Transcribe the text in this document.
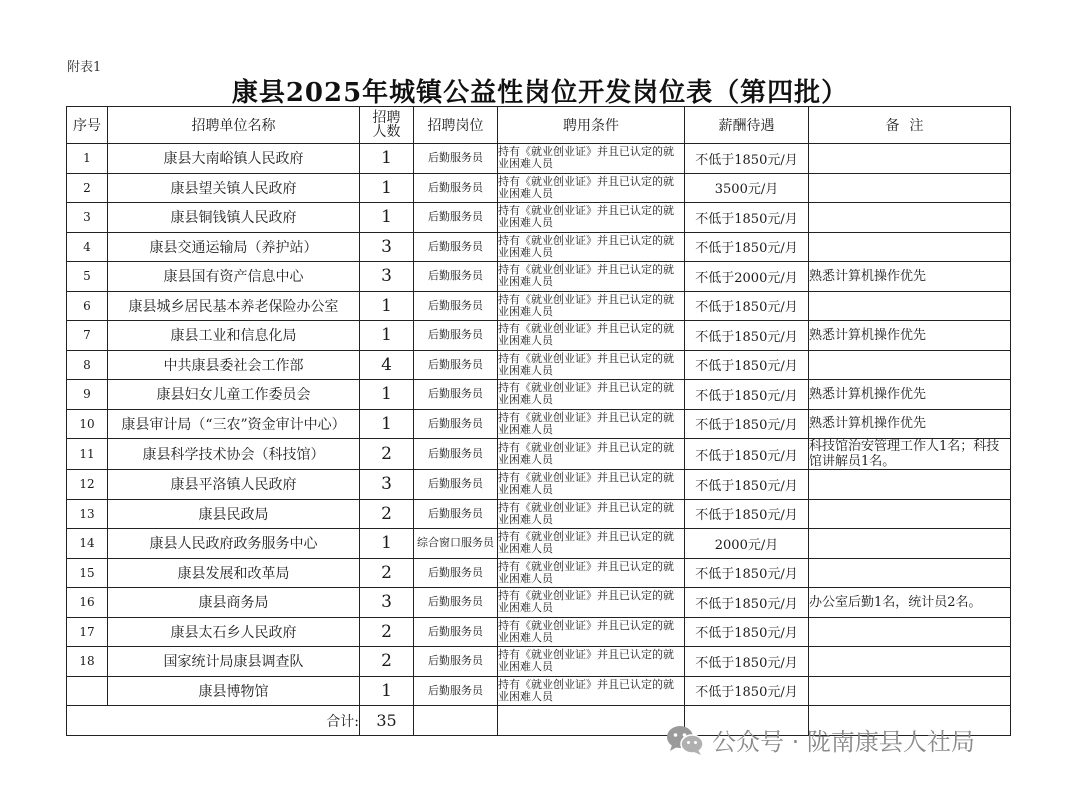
附表1
康县2025年城镇公益性岗位开发岗位表（第四批）
序号	招聘单位名称	招聘
人数	招聘岗位	聘用条件	薪酬待遇	备注
1	康县大南峪镇人民政府	1	后勤服务员	持有《就业创业证》并且已认定的就业困难人员	不低于1850元/月	
2	康县望关镇人民政府	1	后勤服务员	持有《就业创业证》并且已认定的就业困难人员	3500元/月	
3	康县铜钱镇人民政府	1	后勤服务员	持有《就业创业证》并且已认定的就业困难人员	不低于1850元/月	
4	康县交通运输局（养护站）	3	后勤服务员	持有《就业创业证》并且已认定的就业困难人员	不低于1850元/月	
5	康县国有资产信息中心	3	后勤服务员	持有《就业创业证》并且已认定的就业困难人员	不低于2000元/月	熟悉计算机操作优先
6	康县城乡居民基本养老保险办公室	1	后勤服务员	持有《就业创业证》并且已认定的就业困难人员	不低于1850元/月	
7	康县工业和信息化局	1	后勤服务员	持有《就业创业证》并且已认定的就业困难人员	不低于1850元/月	熟悉计算机操作优先
8	中共康县委社会工作部	4	后勤服务员	持有《就业创业证》并且已认定的就业困难人员	不低于1850元/月	
9	康县妇女儿童工作委员会	1	后勤服务员	持有《就业创业证》并且已认定的就业困难人员	不低于1850元/月	熟悉计算机操作优先
10	康县审计局（“三农”资金审计中心）	1	后勤服务员	持有《就业创业证》并且已认定的就业困难人员	不低于1850元/月	熟悉计算机操作优先
11	康县科学技术协会（科技馆）	2	后勤服务员	持有《就业创业证》并且已认定的就业困难人员	不低于1850元/月	科技馆治安管理工作人1名；科技馆讲解员1名。
12	康县平洛镇人民政府	3	后勤服务员	持有《就业创业证》并且已认定的就业困难人员	不低于1850元/月	
13	康县民政局	2	后勤服务员	持有《就业创业证》并且已认定的就业困难人员	不低于1850元/月	
14	康县人民政府政务服务中心	1	综合窗口服务员	持有《就业创业证》并且已认定的就业困难人员	2000元/月	
15	康县发展和改革局	2	后勤服务员	持有《就业创业证》并且已认定的就业困难人员	不低于1850元/月	
16	康县商务局	3	后勤服务员	持有《就业创业证》并且已认定的就业困难人员	不低于1850元/月	办公室后勤1名，统计员2名。
17	康县太石乡人民政府	2	后勤服务员	持有《就业创业证》并且已认定的就业困难人员	不低于1850元/月	
18	国家统计局康县调查队	2	后勤服务员	持有《就业创业证》并且已认定的就业困难人员	不低于1850元/月	
	康县博物馆	1	后勤服务员	持有《就业创业证》并且已认定的就业困难人员	不低于1850元/月	
合计:		35				
公众号 · 陇南康县人社局
